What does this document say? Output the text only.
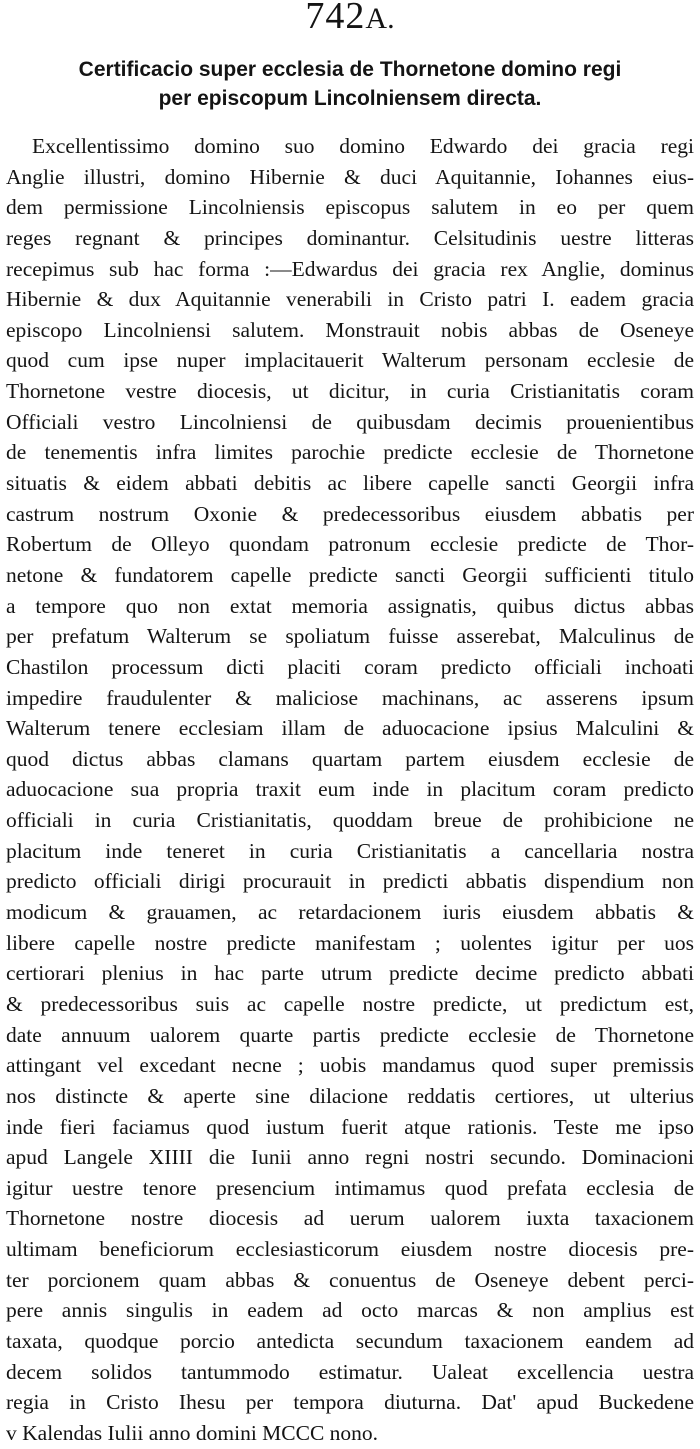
742A.
Certificacio super ecclesia de Thornetone domino regi
per episcopum Lincolniensem directa.
Excellentissimo domino suo domino Edwardo dei gracia regi
Anglie illustri, domino Hibernie & duci Aquitannie, Iohannes eius-
dem permissione Lincolniensis episcopus salutem in eo per quem
reges regnant & principes dominantur. Celsitudinis uestre litteras
recepimus sub hac forma :—Edwardus dei gracia rex Anglie, dominus
Hibernie & dux Aquitannie venerabili in Cristo patri I. eadem gracia
episcopo Lincolniensi salutem. Monstrauit nobis abbas de Oseneye
quod cum ipse nuper implacitauerit Walterum personam ecclesie de
Thornetone vestre diocesis, ut dicitur, in curia Cristianitatis coram
Officiali vestro Lincolniensi de quibusdam decimis prouenientibus
de tenementis infra limites parochie predicte ecclesie de Thornetone
situatis & eidem abbati debitis ac libere capelle sancti Georgii infra
castrum nostrum Oxonie & predecessoribus eiusdem abbatis per
Robertum de Olleyo quondam patronum ecclesie predicte de Thor-
netone & fundatorem capelle predicte sancti Georgii sufficienti titulo
a tempore quo non extat memoria assignatis, quibus dictus abbas
per prefatum Walterum se spoliatum fuisse asserebat, Malculinus de
Chastilon processum dicti placiti coram predicto officiali inchoati
impedire fraudulenter & maliciose machinans, ac asserens ipsum
Walterum tenere ecclesiam illam de aduocacione ipsius Malculini &
quod dictus abbas clamans quartam partem eiusdem ecclesie de
aduocacione sua propria traxit eum inde in placitum coram predicto
officiali in curia Cristianitatis, quoddam breue de prohibicione ne
placitum inde teneret in curia Cristianitatis a cancellaria nostra
predicto officiali dirigi procurauit in predicti abbatis dispendium non
modicum & grauamen, ac retardacionem iuris eiusdem abbatis &
libere capelle nostre predicte manifestam ; uolentes igitur per uos
certiorari plenius in hac parte utrum predicte decime predicto abbati
& predecessoribus suis ac capelle nostre predicte, ut predictum est,
date annuum ualorem quarte partis predicte ecclesie de Thornetone
attingant vel excedant necne ; uobis mandamus quod super premissis
nos distincte & aperte sine dilacione reddatis certiores, ut ulterius
inde fieri faciamus quod iustum fuerit atque rationis. Teste me ipso
apud Langele XIIII die Iunii anno regni nostri secundo. Dominacioni
igitur uestre tenore presencium intimamus quod prefata ecclesia de
Thornetone nostre diocesis ad uerum ualorem iuxta taxacionem
ultimam beneficiorum ecclesiasticorum eiusdem nostre diocesis pre-
ter porcionem quam abbas & conuentus de Oseneye debent perci-
pere annis singulis in eadem ad octo marcas & non amplius est
taxata, quodque porcio antedicta secundum taxacionem eandem ad
decem solidos tantummodo estimatur. Ualeat excellencia uestra
regia in Cristo Ihesu per tempora diuturna. Dat' apud Buckedene
v Kalendas Iulii anno domini MCCC nono.
